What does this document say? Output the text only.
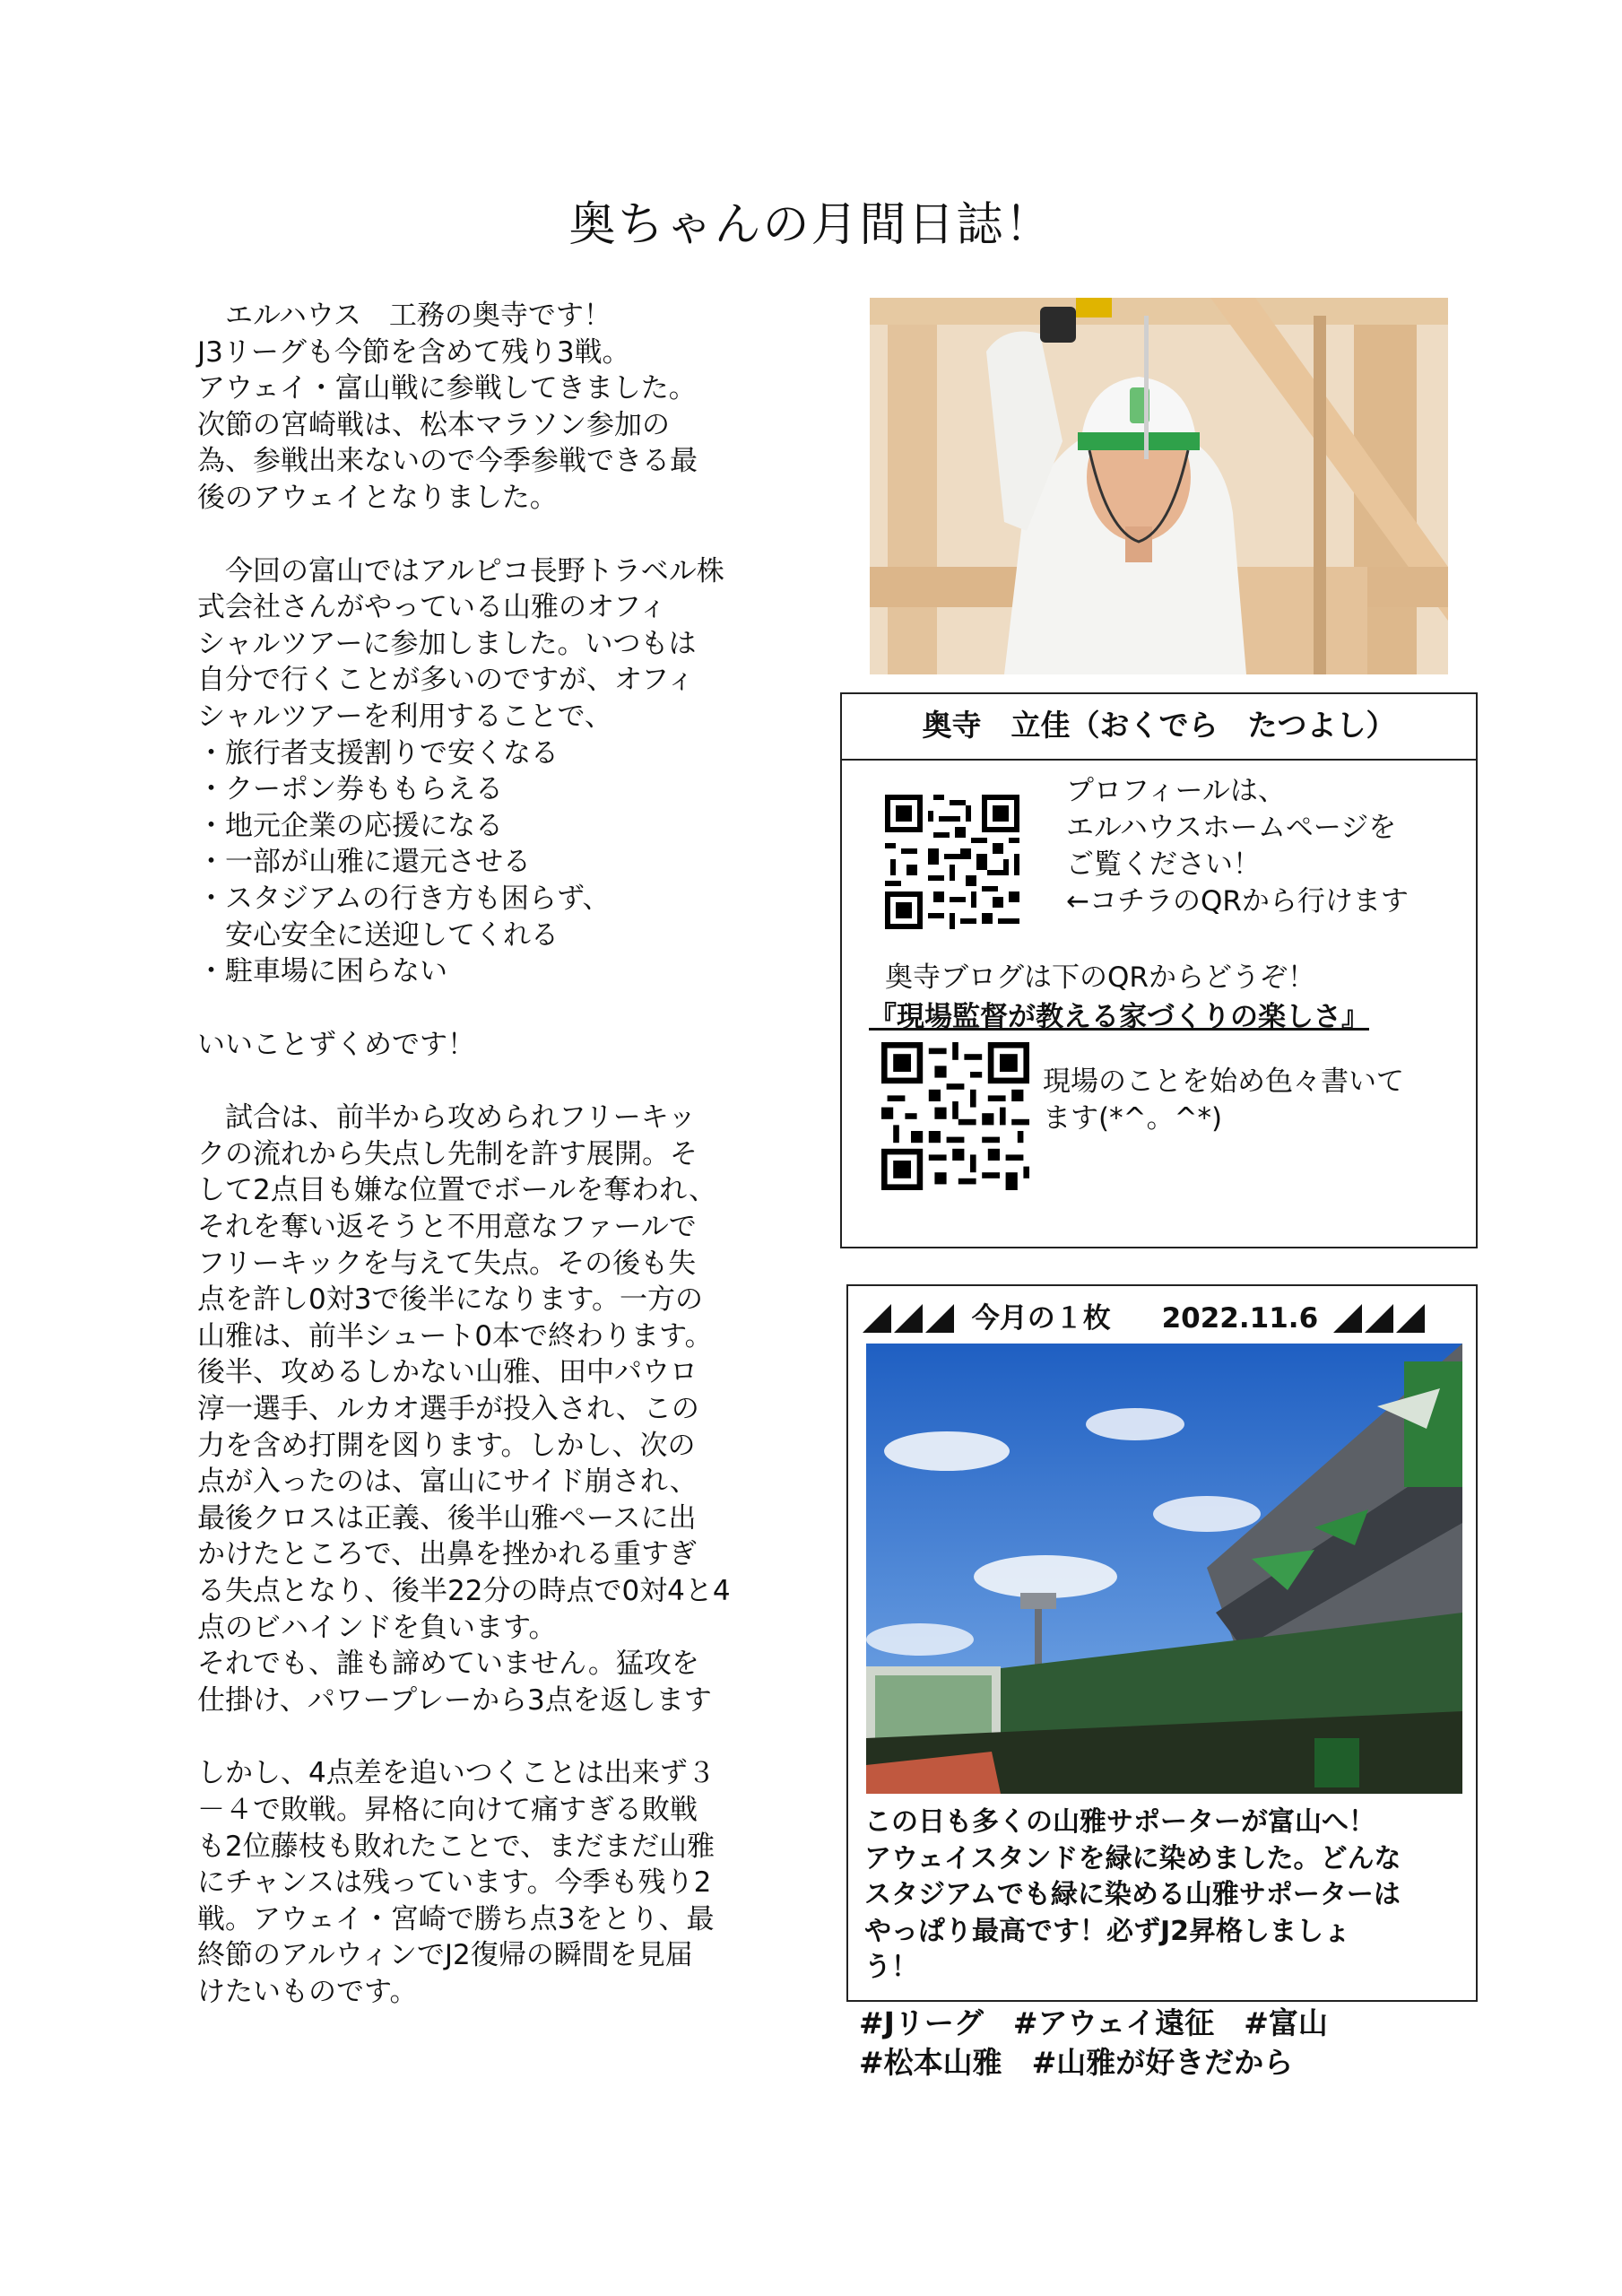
奥ちゃんの月間日誌！

　エルハウス　工務の奥寺です！
J3リーグも今節を含めて残り3戦。
アウェイ・富山戦に参戦してきました。
次節の宮崎戦は、松本マラソン参加の
為、参戦出来ないので今季参戦できる最
後のアウェイとなりました。

　今回の富山ではアルピコ長野トラベル株
式会社さんがやっている山雅のオフィ
シャルツアーに参加しました。いつもは
自分で行くことが多いのですが、オフィ
シャルツアーを利用することで、

・旅行者支援割りで安くなる
・クーポン券ももらえる
・地元企業の応援になる
・一部が山雅に還元させる
・スタジアムの行き方も困らず、
　安心安全に送迎してくれる
・駐車場に困らない

いいことずくめです！

　試合は、前半から攻められフリーキッ
クの流れから失点し先制を許す展開。そ
して2点目も嫌な位置でボールを奪われ、
それを奪い返そうと不用意なファールで
フリーキックを与えて失点。その後も失
点を許し0対3で後半になります。一方の
山雅は、前半シュート0本で終わります。
後半、攻めるしかない山雅、田中パウロ
淳一選手、ルカオ選手が投入され、この
力を含め打開を図ります。しかし、次の
点が入ったのは、富山にサイド崩され、
最後クロスは正義、後半山雅ペースに出
かけたところで、出鼻を挫かれる重すぎ
る失点となり、後半22分の時点で0対4と4
点のビハインドを負います。
それでも、誰も諦めていません。猛攻を
仕掛け、パワープレーから3点を返します

しかし、4点差を追いつくことは出来ず３
－４で敗戦。昇格に向けて痛すぎる敗戦
も2位藤枝も敗れたことで、まだまだ山雅
にチャンスは残っています。今季も残り2
戦。アウェイ・宮崎で勝ち点3をとり、最
終節のアルウィンでJ2復帰の瞬間を見届
けたいものです。

奥寺　立佳（おくでら　たつよし）
プロフィールは、
エルハウスホームページを
ご覧ください！
←コチラのQRから行けます
奥寺ブログは下のQRからどうぞ！
『現場監督が教える家づくりの楽しさ』
現場のことを始め色々書いて
ます(*^。^*)
今月の１枚 2022.11.6
この日も多くの山雅サポーターが富山へ！
アウェイスタンドを緑に染めました。どんな
スタジアムでも緑に染める山雅サポーターは
やっぱり最高です！必ずJ2昇格しましょ
う！
#Jリーグ　#アウェイ遠征　#富山
#松本山雅　#山雅が好きだから
